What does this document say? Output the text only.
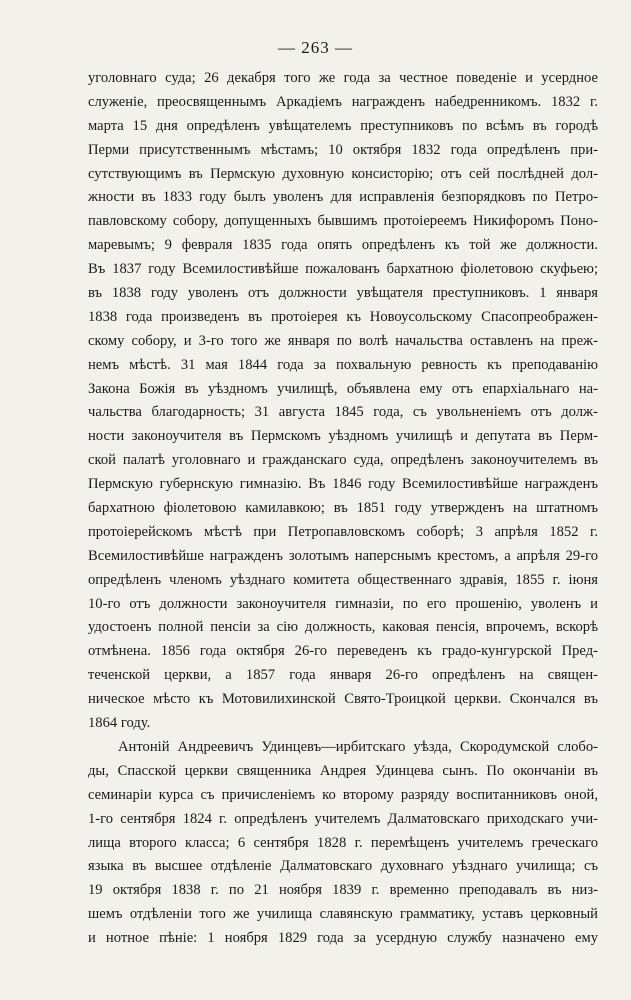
— 263 —
уголовнаго суда; 26 декабря того же года за честное поведеніе и усердное
служеніе, преосвященнымъ Аркадіемъ награжденъ набедренникомъ. 1832 г.
марта 15 дня опредѣленъ увѣщателемъ преступниковъ по всѣмъ въ городѣ
Перми присутственнымъ мѣстамъ; 10 октября 1832 года опредѣленъ при-
сутствующимъ въ Пермскую духовную консисторію; отъ сей послѣдней дол-
жности въ 1833 году былъ уволенъ для исправленія безпорядковъ по Петро-
павловскому собору, допущенныхъ бывшимъ протоіереемъ Никифоромъ Поно-
маревымъ; 9 февраля 1835 года опять опредѣленъ къ той же должности.
Въ 1837 году Всемилостивѣйше пожалованъ бархатною фіолетовою скуфьею;
въ 1838 году уволенъ отъ должности увѣщателя преступниковъ. 1 января
1838 года произведенъ въ протоіерея къ Новоусольскому Спасопреображен-
скому собору, и 3-го того же января по волѣ начальства оставленъ на преж-
немъ мѣстѣ. 31 мая 1844 года за похвальную ревность къ преподаванію
Закона Божія въ уѣздномъ училищѣ, объявлена ему отъ епархіальнаго на-
чальства благодарность; 31 августа 1845 года, съ увольненіемъ отъ долж-
ности законоучителя въ Пермскомъ уѣздномъ училищѣ и депутата въ Перм-
ской палатѣ уголовнаго и гражданскаго суда, опредѣленъ законоучителемъ въ
Пермскую губернскую гимназію. Въ 1846 году Всемилостивѣйше награжденъ
бархатною фіолетовою камилавкою; въ 1851 году утвержденъ на штатномъ
протоіерейскомъ мѣстѣ при Петропавловскомъ соборѣ; 3 апрѣля 1852 г.
Всемилостивѣйше награжденъ золотымъ наперснымъ крестомъ, а апрѣля 29-го
опредѣленъ членомъ уѣзднаго комитета общественнаго здравія, 1855 г. іюня
10-го отъ должности законоучителя гимназіи, по его прошенію, уволенъ и
удостоенъ полной пенсіи за сію должность, каковая пенсія, впрочемъ, вскорѣ
отмѣнена. 1856 года октября 26-го переведенъ къ градо-кунгурской Пред-
теченской церкви, а 1857 года января 26-го опредѣленъ на священ-
ническое мѣсто къ Мотовилихинской Свято-Троицкой церкви. Скончался въ
1864 году.
Антоній Андреевичъ Удинцевъ—ирбитскаго уѣзда, Скородумской слобо-
ды, Спасской церкви священника Андрея Удинцева сынъ. По окончаніи въ
семинаріи курса съ причисленіемъ ко второму разряду воспитанниковъ оной,
1-го сентября 1824 г. опредѣленъ учителемъ Далматовскаго приходскаго учи-
лища второго класса; 6 сентября 1828 г. перемѣщенъ учителемъ греческаго
языка въ высшее отдѣленіе Далматовскаго духовнаго уѣзднаго училища; съ
19 октября 1838 г. по 21 ноября 1839 г. временно преподавалъ въ низ-
шемъ отдѣленіи того же училища славянскую грамматику, уставъ церковный
и нотное пѣніе: 1 ноября 1829 года за усердную службу назначено ему
